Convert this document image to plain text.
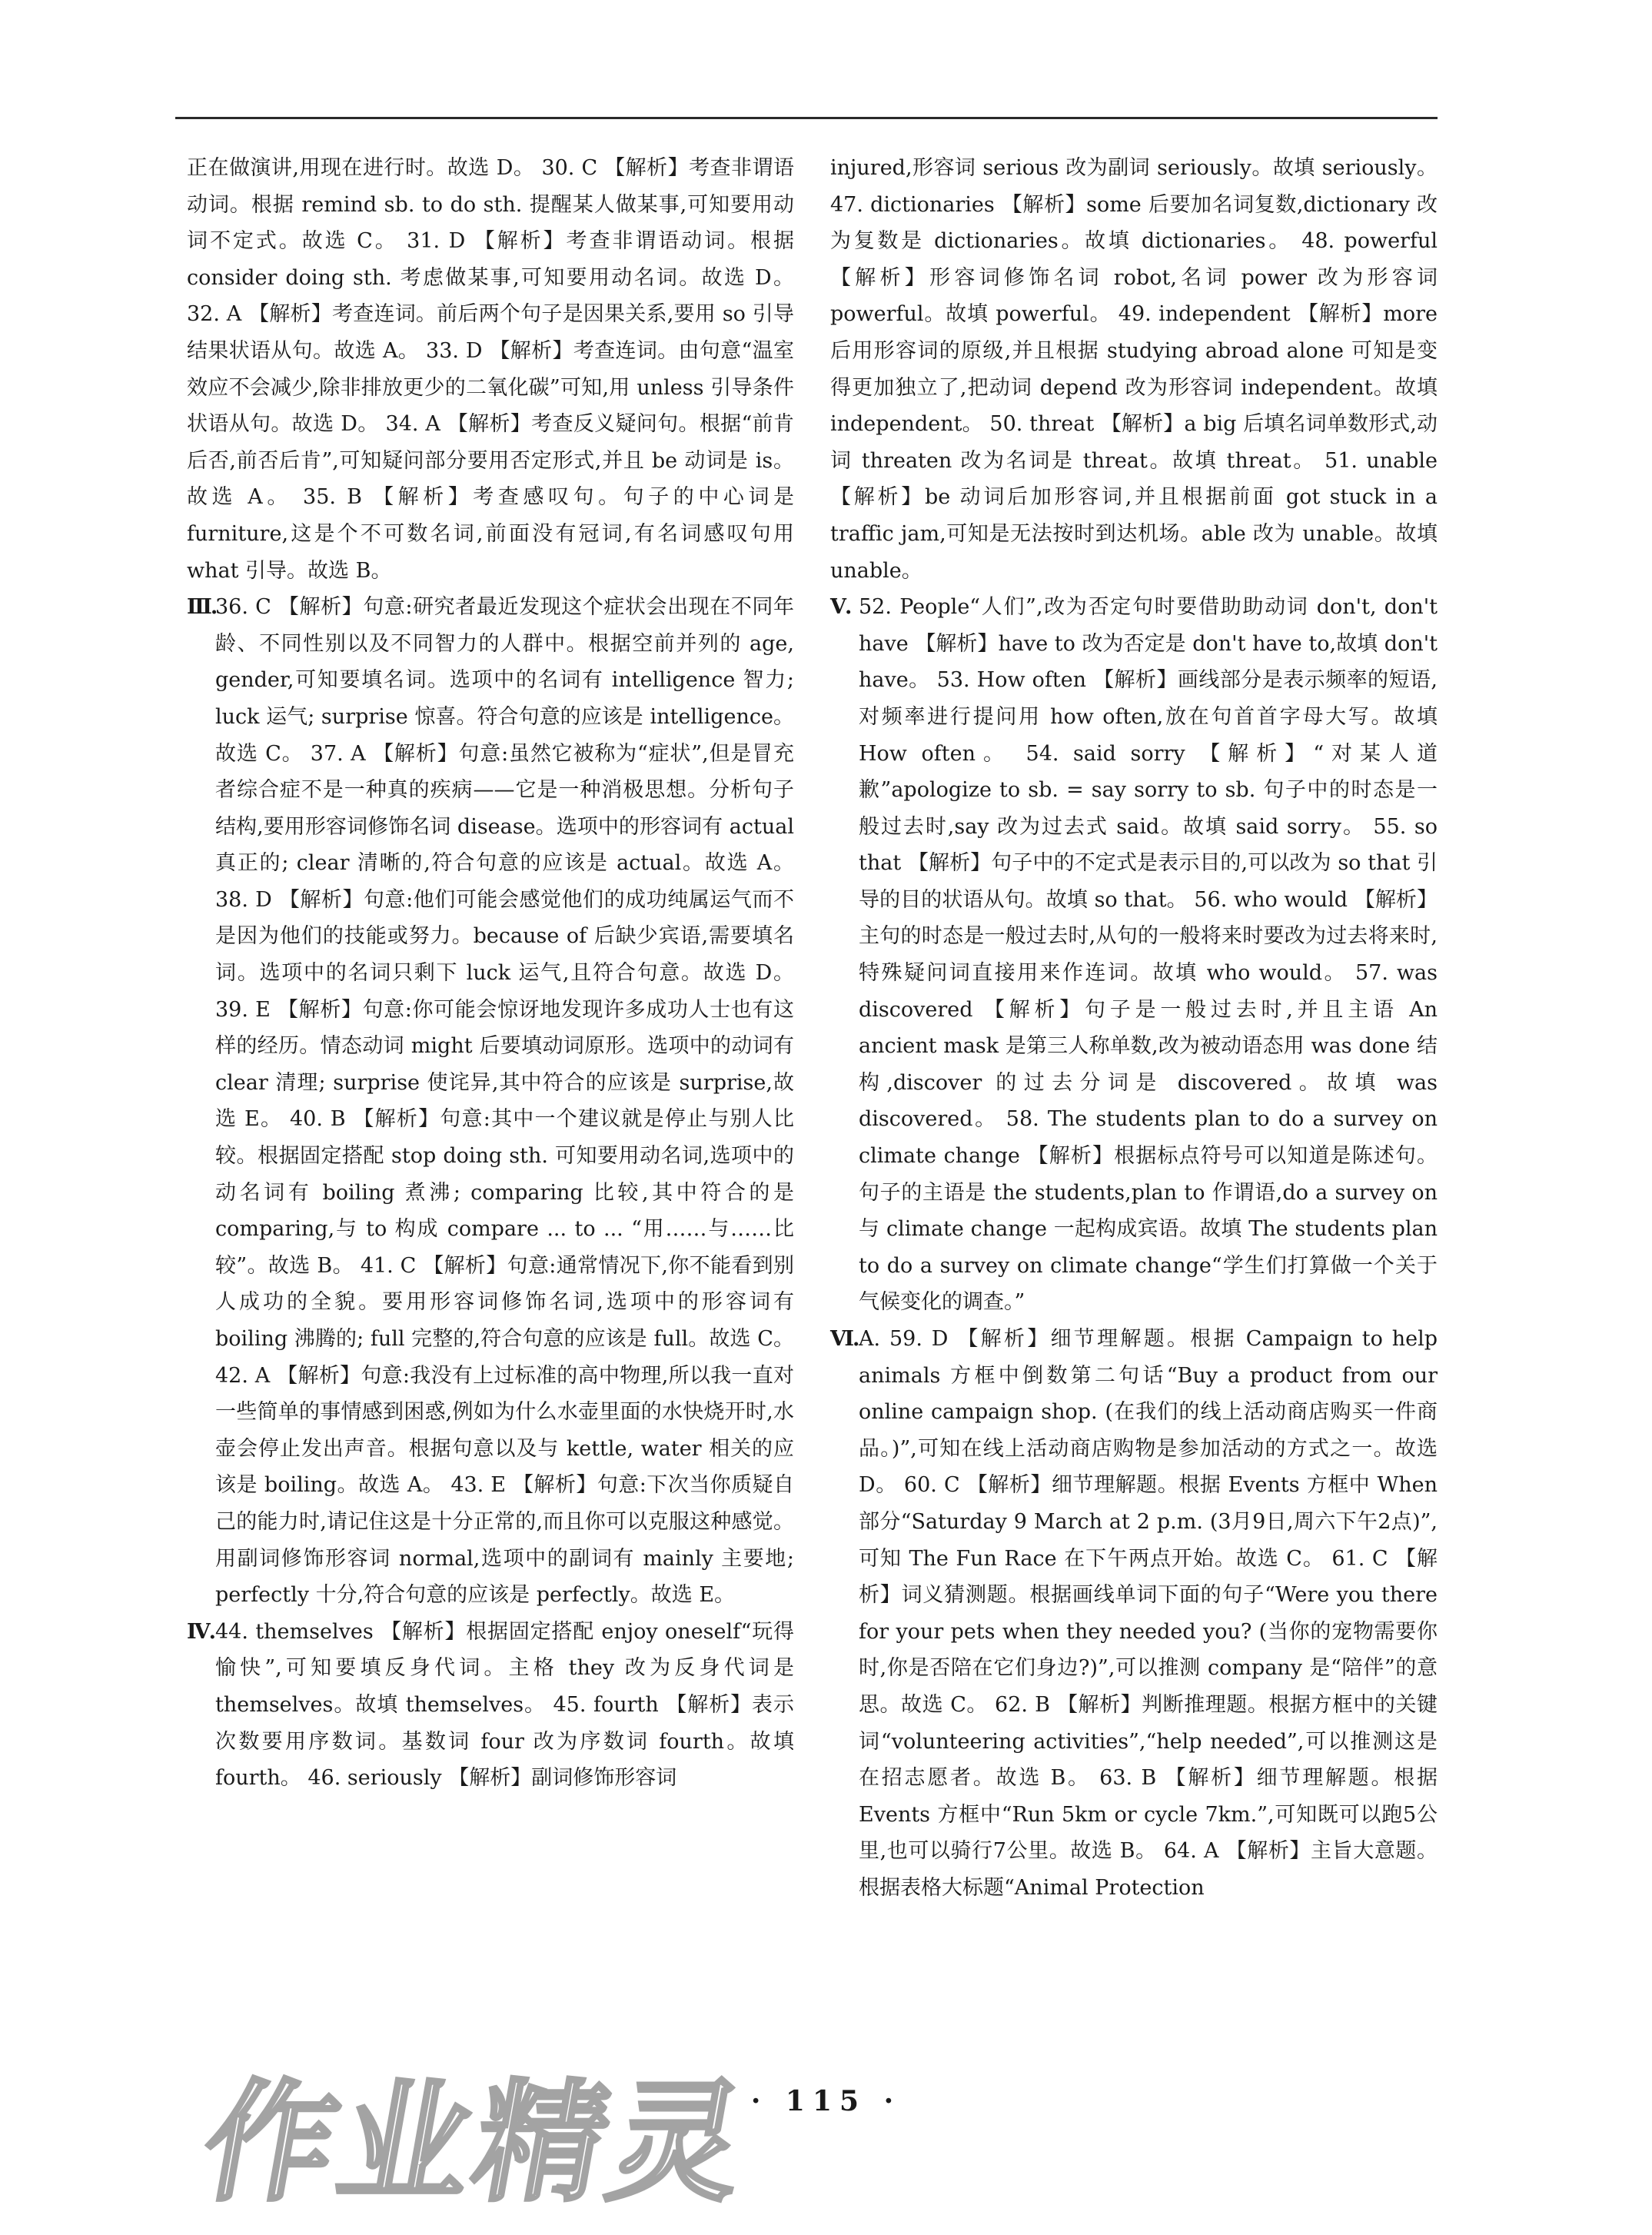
正在做演讲,用现在进行时。故选 D。 30. C 【解析】考查非谓语动词。根据 remind sb. to do sth. 提醒某人做某事,可知要用动词不定式。故选 C。 31. D 【解析】考查非谓语动词。根据 consider doing sth. 考虑做某事,可知要用动名词。故选 D。 32. A 【解析】考查连词。前后两个句子是因果关系,要用 so 引导结果状语从句。故选 A。 33. D 【解析】考查连词。由句意“温室效应不会减少,除非排放更少的二氧化碳”可知,用 unless 引导条件状语从句。故选 D。 34. A 【解析】考查反义疑问句。根据“前肯后否,前否后肯”,可知疑问部分要用否定形式,并且 be 动词是 is。故选 A。 35. B 【解析】考查感叹句。句子的中心词是 furniture,这是个不可数名词,前面没有冠词,有名词感叹句用 what 引导。故选 B。

Ⅲ.
36. C 【解析】句意:研究者最近发现这个症状会出现在不同年龄、不同性别以及不同智力的人群中。根据空前并列的 age, gender,可知要填名词。选项中的名词有 intelligence 智力; luck 运气; surprise 惊喜。符合句意的应该是 intelligence。故选 C。 37. A 【解析】句意:虽然它被称为“症状”,但是冒充者综合症不是一种真的疾病——它是一种消极思想。分析句子结构,要用形容词修饰名词 disease。选项中的形容词有 actual 真正的; clear 清晰的,符合句意的应该是 actual。故选 A。 38. D 【解析】句意:他们可能会感觉他们的成功纯属运气而不是因为他们的技能或努力。because of 后缺少宾语,需要填名词。选项中的名词只剩下 luck 运气,且符合句意。故选 D。 39. E 【解析】句意:你可能会惊讶地发现许多成功人士也有这样的经历。情态动词 might 后要填动词原形。选项中的动词有 clear 清理; surprise 使诧异,其中符合的应该是 surprise,故选 E。 40. B 【解析】句意:其中一个建议就是停止与别人比较。根据固定搭配 stop doing sth. 可知要用动名词,选项中的动名词有 boiling 煮沸; comparing 比较,其中符合的是 comparing,与 to 构成 compare ... to ... “用……与……比较”。故选 B。 41. C 【解析】句意:通常情况下,你不能看到别人成功的全貌。要用形容词修饰名词,选项中的形容词有 boiling 沸腾的; full 完整的,符合句意的应该是 full。故选 C。 42. A 【解析】句意:我没有上过标准的高中物理,所以我一直对一些简单的事情感到困惑,例如为什么水壶里面的水快烧开时,水壶会停止发出声音。根据句意以及与 kettle, water 相关的应该是 boiling。故选 A。 43. E 【解析】句意:下次当你质疑自己的能力时,请记住这是十分正常的,而且你可以克服这种感觉。用副词修饰形容词 normal,选项中的副词有 mainly 主要地; perfectly 十分,符合句意的应该是 perfectly。故选 E。
Ⅳ. 44. themselves 【解析】根据固定搭配 enjoy oneself“玩得愉快”,可知要填反身代词。主格 they 改为反身代词是 themselves。故填 themselves。 45. fourth 【解析】表示次数要用序数词。基数词 four 改为序数词 fourth。故填 fourth。 46. seriously 【解析】副词修饰形容词

injured,形容词 serious 改为副词 seriously。故填 seriously。 47. dictionaries 【解析】some 后要加名词复数,dictionary 改为复数是 dictionaries。故填 dictionaries。 48. powerful 【解析】形容词修饰名词 robot,名词 power 改为形容词 powerful。故填 powerful。 49. independent 【解析】more 后用形容词的原级,并且根据 studying abroad alone 可知是变得更加独立了,把动词 depend 改为形容词 independent。故填 independent。 50. threat 【解析】a big 后填名词单数形式,动词 threaten 改为名词是 threat。故填 threat。 51. unable 【解析】be 动词后加形容词,并且根据前面 got stuck in a traffic jam,可知是无法按时到达机场。able 改为 unable。故填 unable。

Ⅴ. 52. People“人们”,改为否定句时要借助助动词 don't, don't have 【解析】have to 改为否定是 don't have to,故填 don't have。 53. How often 【解析】画线部分是表示频率的短语,对频率进行提问用 how often,放在句首首字母大写。故填 How often。 54. said sorry 【解析】“对某人道歉”apologize to sb. = say sorry to sb. 句子中的时态是一般过去时,say 改为过去式 said。故填 said sorry。 55. so that 【解析】句子中的不定式是表示目的,可以改为 so that 引导的目的状语从句。故填 so that。 56. who would 【解析】主句的时态是一般过去时,从句的一般将来时要改为过去将来时,特殊疑问词直接用来作连词。故填 who would。 57. was discovered 【解析】句子是一般过去时,并且主语 An ancient mask 是第三人称单数,改为被动语态用 was done 结构,discover 的过去分词是 discovered。故填 was discovered。 58. The students plan to do a survey on climate change 【解析】根据标点符号可以知道是陈述句。句子的主语是 the students,plan to 作谓语,do a survey on 与 climate change 一起构成宾语。故填 The students plan to do a survey on climate change“学生们打算做一个关于气候变化的调查。”
Ⅵ. A. 59. D 【解析】细节理解题。根据 Campaign to help animals 方框中倒数第二句话“Buy a product from our online campaign shop. (在我们的线上活动商店购买一件商品。)”,可知在线上活动商店购物是参加活动的方式之一。故选 D。 60. C 【解析】细节理解题。根据 Events 方框中 When 部分“Saturday 9 March at 2 p.m. (3月9日,周六下午2点)”,可知 The Fun Race 在下午两点开始。故选 C。 61. C 【解析】词义猜测题。根据画线单词下面的句子“Were you there for your pets when they needed you? (当你的宠物需要你时,你是否陪在它们身边?)”,可以推测 company 是“陪伴”的意思。故选 C。 62. B 【解析】判断推理题。根据方框中的关键词“volunteering activities”,“help needed”,可以推测这是在招志愿者。故选 B。 63. B 【解析】细节理解题。根据 Events 方框中“Run 5km or cycle 7km.”,可知既可以跑5公里,也可以骑行7公里。故选 B。 64. A 【解析】主旨大意题。根据表格大标题“Animal Protection
· 115 ·
作业精灵
